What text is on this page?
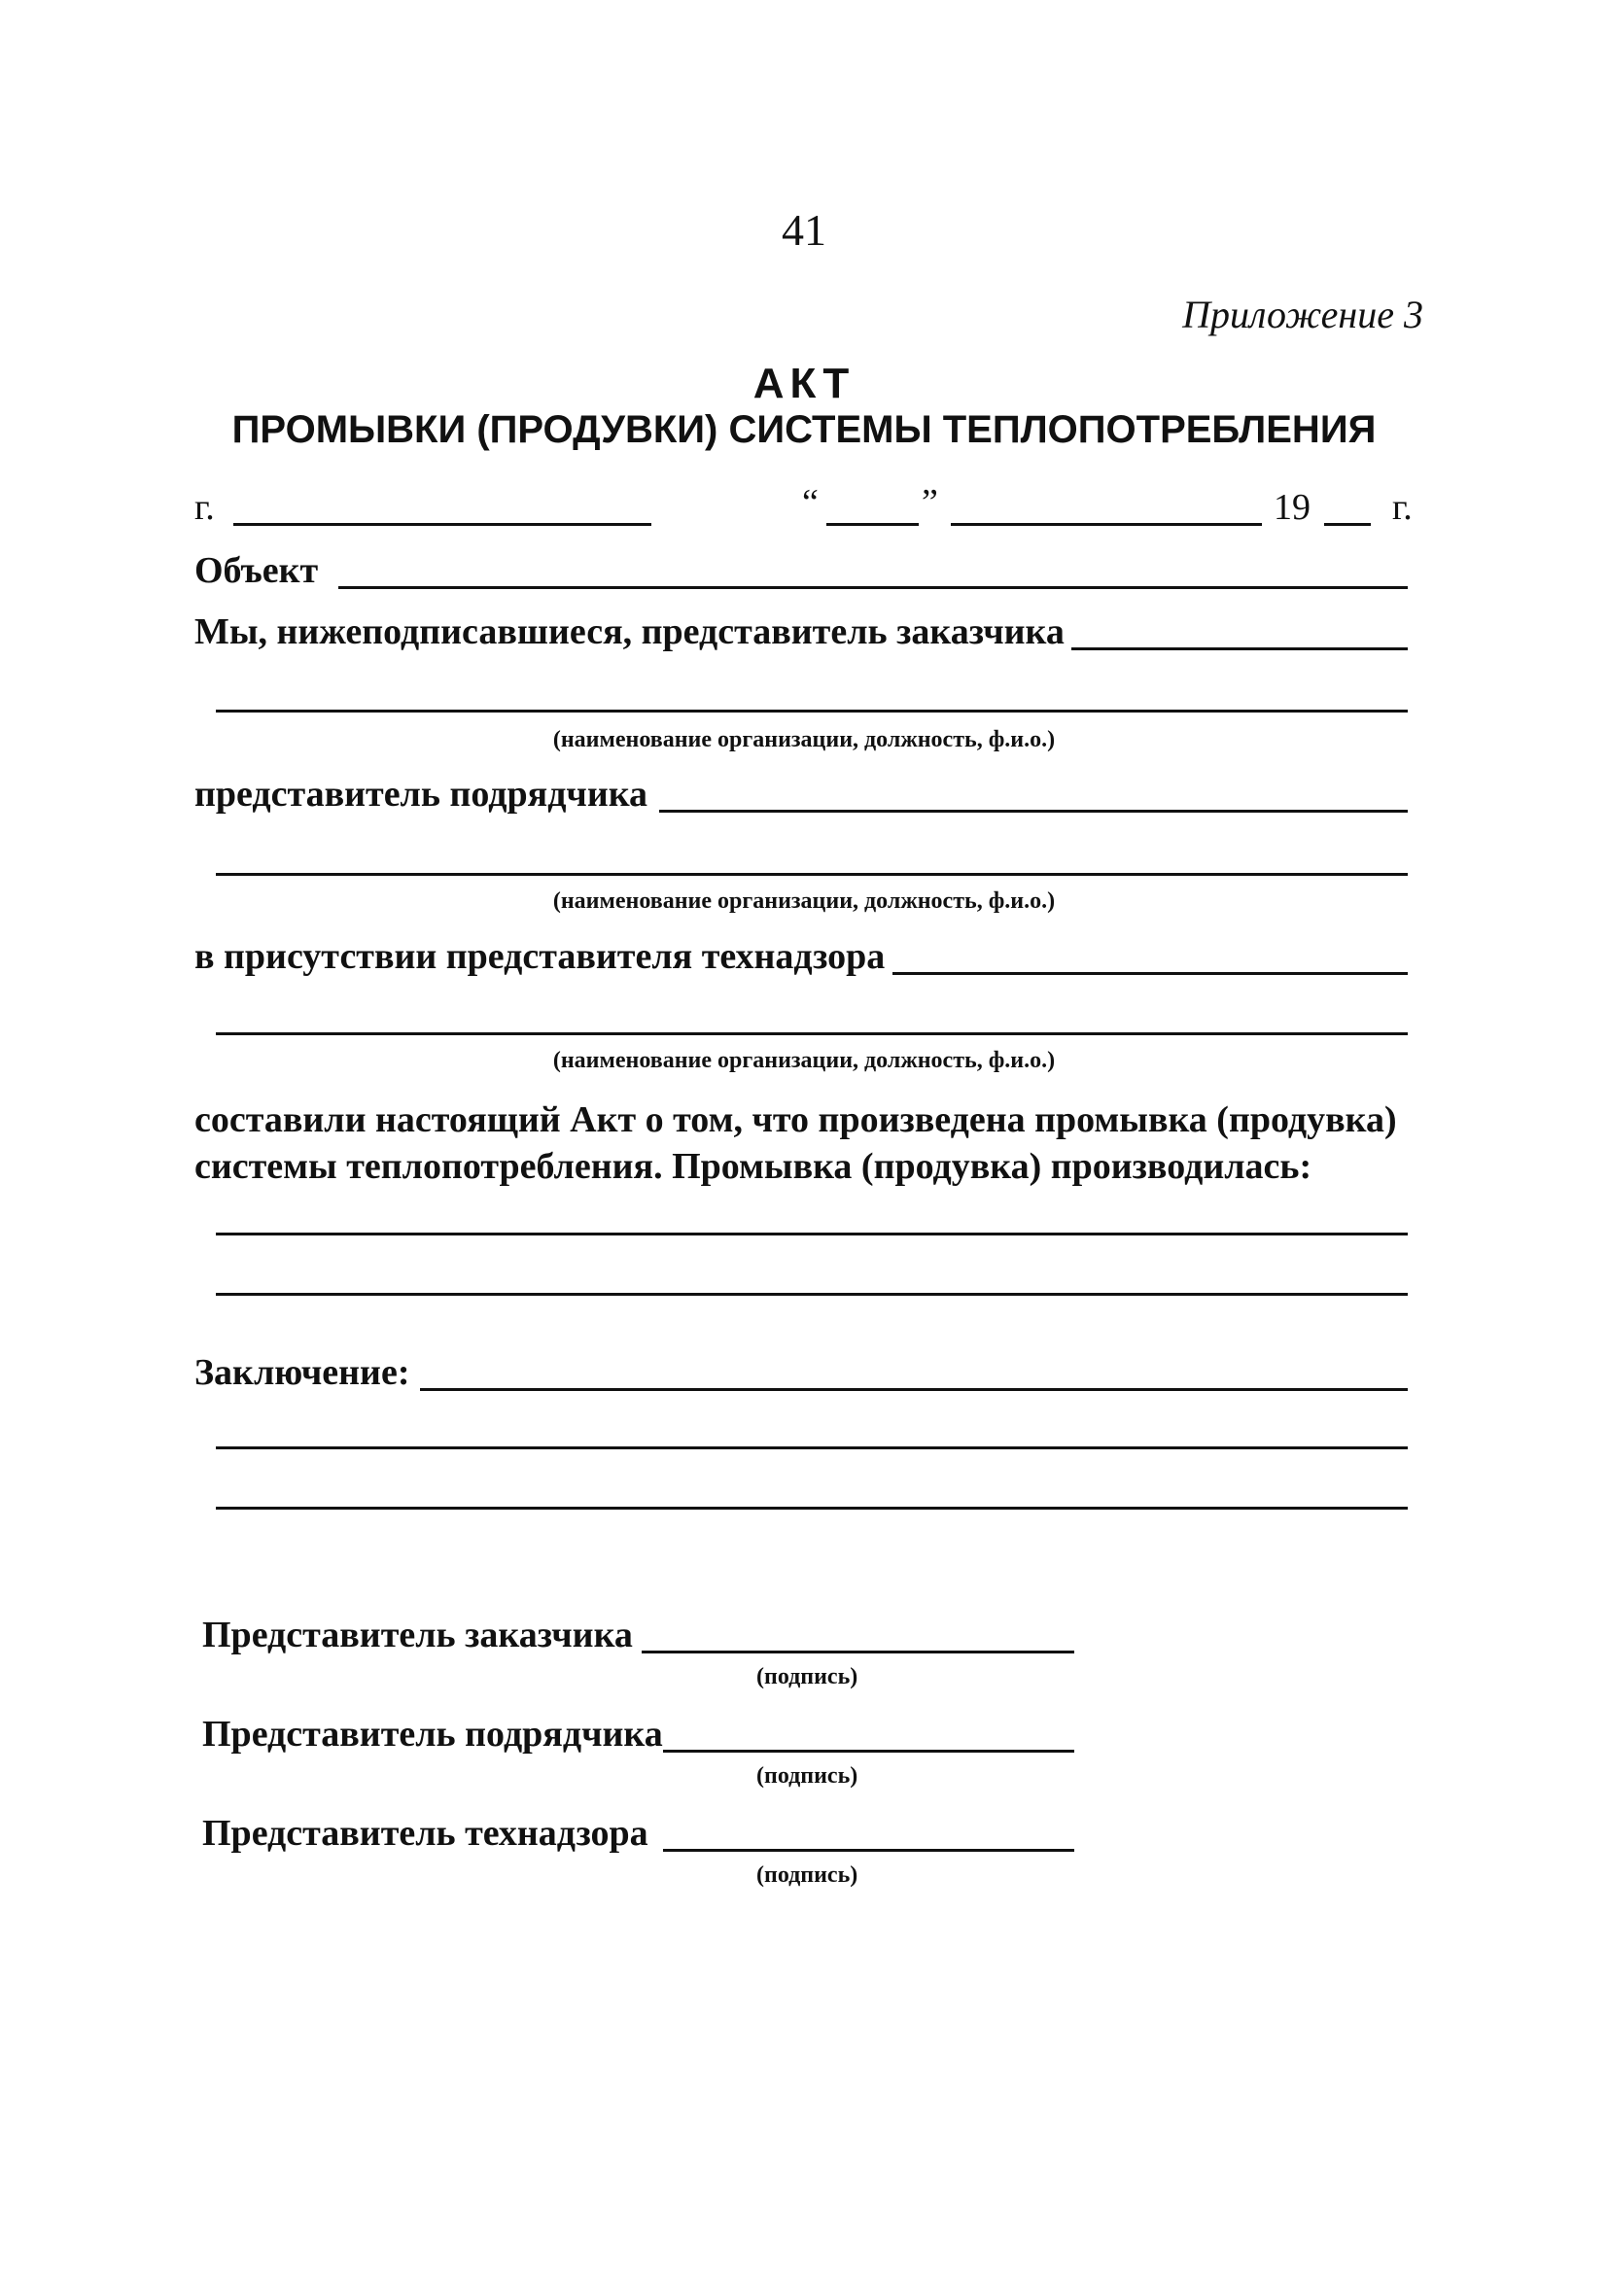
41
Приложение 3
АКТ
ПРОМЫВКИ (ПРОДУВКИ) СИСТЕМЫ ТЕПЛОПОТРЕБЛЕНИЯ
г.	“	”	19 г.
Объект
Мы, нижеподписавшиеся, представитель заказчика
(наименование организации, должность, ф.и.о.)
представитель подрядчика
(наименование организации, должность, ф.и.о.)
в присутствии представителя технадзора
(наименование организации, должность, ф.и.о.)
составили настоящий Акт о том, что произведена промывка (продувка)
системы теплопотребления. Промывка (продувка) производилась:
Заключение:
Представитель заказчика
(подпись)
Представитель подрядчика
(подпись)
Представитель технадзора
(подпись)
